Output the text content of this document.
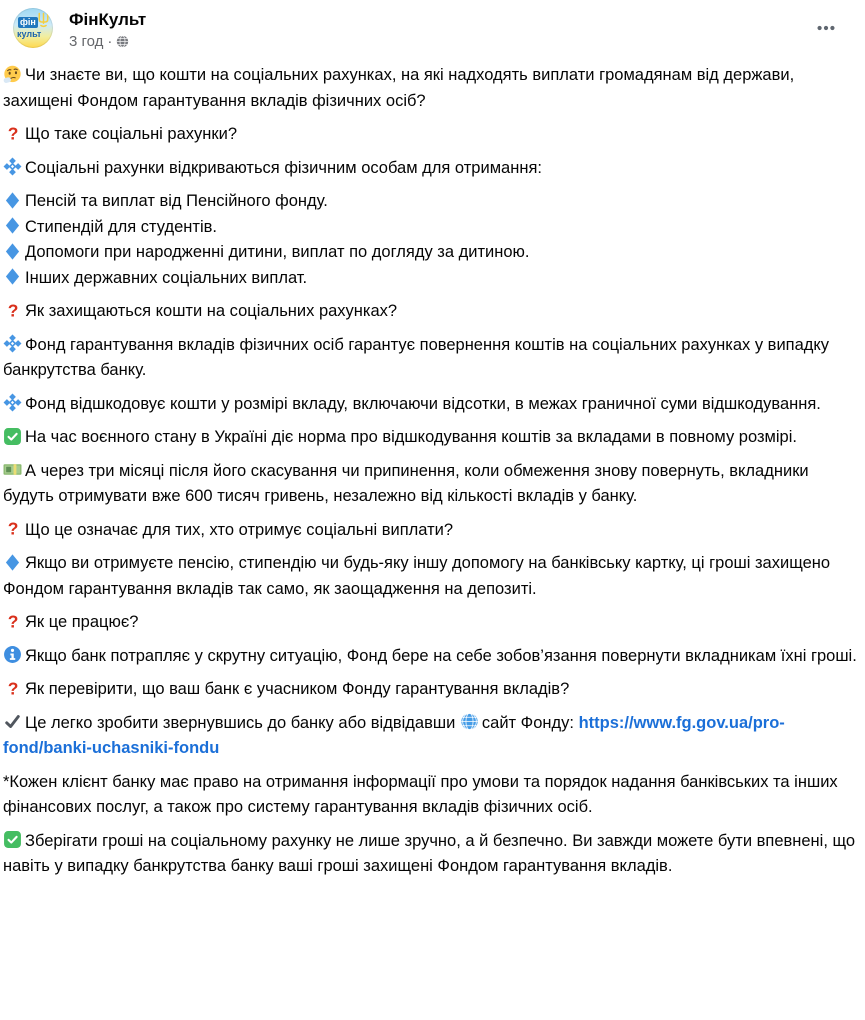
фін
культ
ФінКульт
3 год ·

Чи знаєте ви, що кошти на соціальних рахунках, на які надходять виплати громадянам від держави, захищені Фондом гарантування вкладів фізичних осіб?

? Що таке соціальні рахунки?

Соціальні рахунки відкриваються фізичним особам для отримання:

Пенсій та виплат від Пенсійного фонду.

Стипендій для студентів.

Допомоги при народженні дитини, виплат по догляду за дитиною.

Інших державних соціальних виплат.

? Як захищаються кошти на соціальних рахунках?

Фонд гарантування вкладів фізичних осіб гарантує повернення коштів на соціальних рахунках у випадку банкрутства банку.

Фонд відшкодовує кошти у розмірі вкладу, включаючи відсотки, в межах граничної суми відшкодування.

На час воєнного стану в Україні діє норма про відшкодування коштів за вкладами в повному розмірі.

А через три місяці після його скасування чи припинення, коли обмеження знову повернуть, вкладники будуть отримувати вже 600 тисяч гривень, незалежно від кількості вкладів у банку.

? Що це означає для тих, хто отримує соціальні виплати?

Якщо ви отримуєте пенсію, стипендію чи будь-яку іншу допомогу на банківську картку, ці гроші захищено Фондом гарантування вкладів так само, як заощадження на депозиті.

? Як це працює?

Якщо банк потрапляє у скрутну ситуацію, Фонд бере на себе зобов’язання повернути вкладникам їхні гроші.

? Як перевірити, що ваш банк є учасником Фонду гарантування вкладів?

Це легко зробити звернувшись до банку або відвідавши
сайт Фонду: https://www.fg.gov.ua/pro-fond/banki-uchasniki-fondu

*Кожен клієнт банку має право на отримання інформації про умови та порядок надання банківських та інших фінансових послуг, а також про систему гарантування вкладів фізичних осіб.

Зберігати гроші на соціальному рахунку не лише зручно, а й безпечно. Ви завжди можете бути впевнені, що навіть у випадку банкрутства банку ваші гроші захищені Фондом гарантування вкладів.
